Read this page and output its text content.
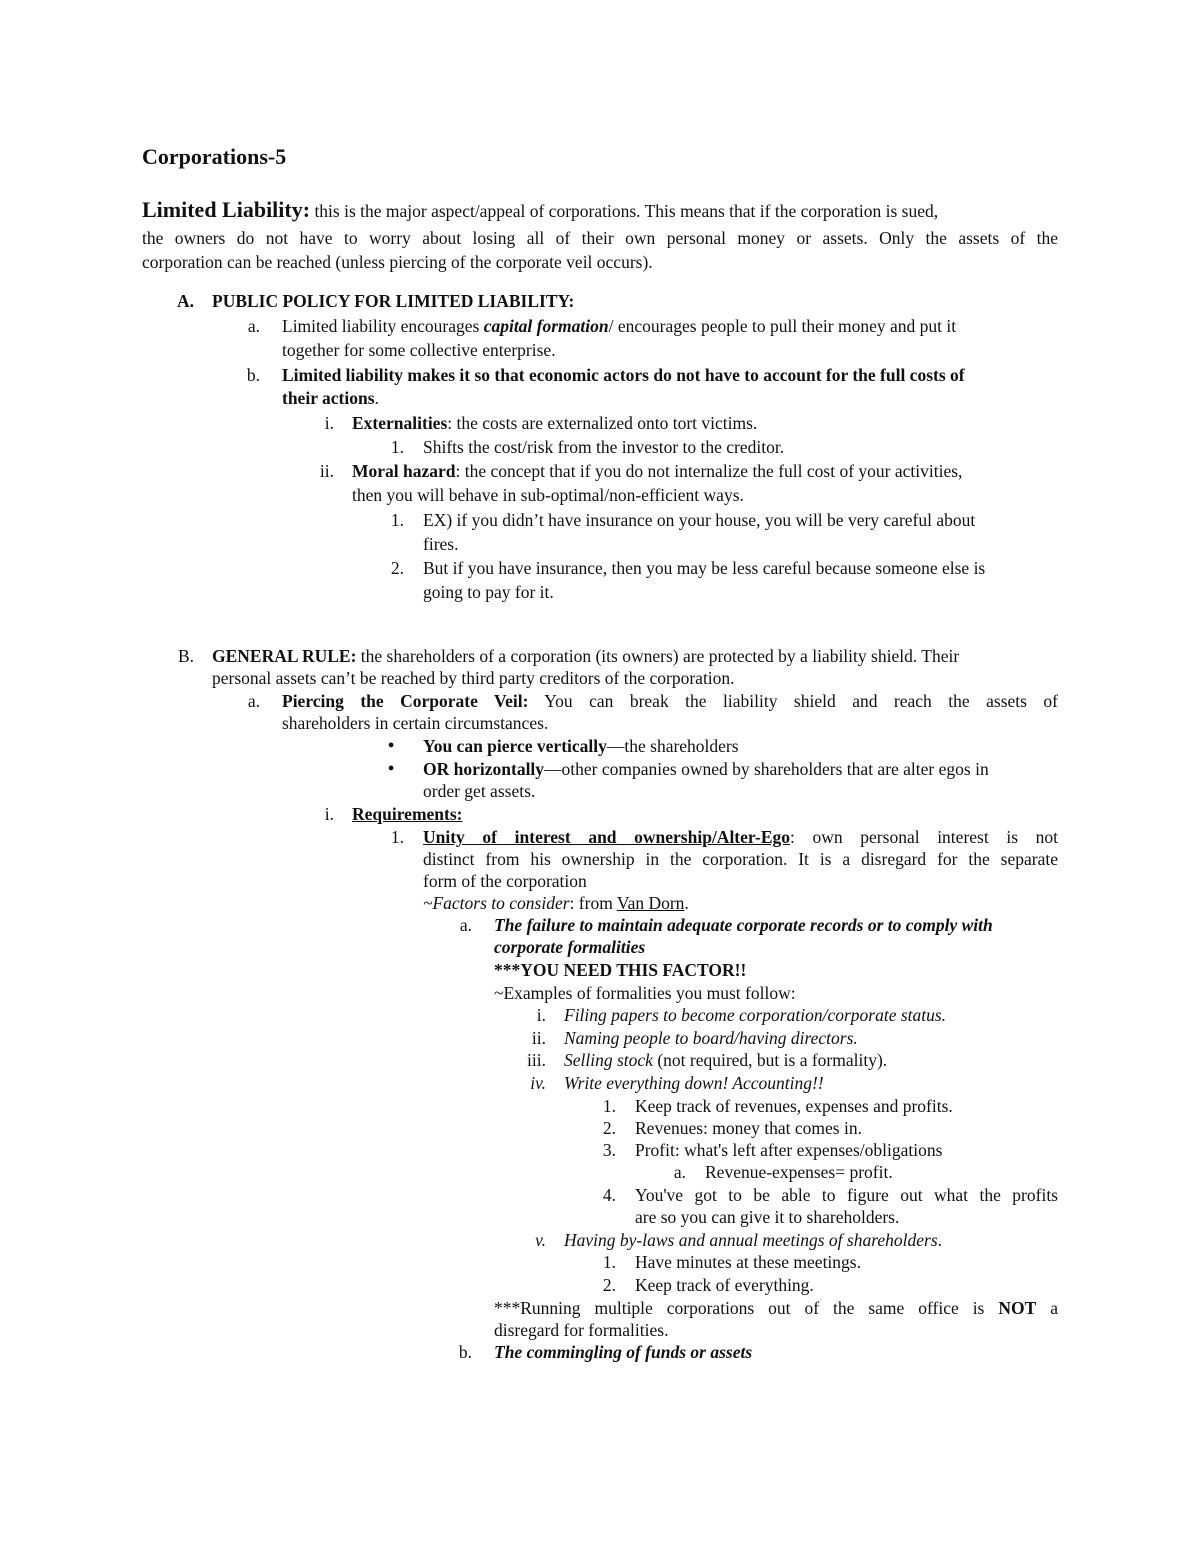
Corporations-5
Limited Liability: this is the major aspect/appeal of corporations. This means that if the corporation is sued,
the owners do not have to worry about losing all of their own personal money or assets. Only the assets of the
corporation can be reached (unless piercing of the corporate veil occurs).
A. PUBLIC POLICY FOR LIMITED LIABILITY:
a. Limited liability encourages capital formation/ encourages people to pull their money and put it
together for some collective enterprise.
b. Limited liability makes it so that economic actors do not have to account for the full costs of
their actions.
i. Externalities: the costs are externalized onto tort victims.
1. Shifts the cost/risk from the investor to the creditor.
ii. Moral hazard: the concept that if you do not internalize the full cost of your activities,
then you will behave in sub-optimal/non-efficient ways.
1. EX) if you didn’t have insurance on your house, you will be very careful about
fires.
2. But if you have insurance, then you may be less careful because someone else is
going to pay for it.
B. GENERAL RULE: the shareholders of a corporation (its owners) are protected by a liability shield. Their
personal assets can’t be reached by third party creditors of the corporation.
a. Piercing the Corporate Veil: You can break the liability shield and reach the assets of
shareholders in certain circumstances.
• You can pierce vertically—the shareholders
• OR horizontally—other companies owned by shareholders that are alter egos in
order get assets.
i. Requirements:
1. Unity of interest and ownership/Alter-Ego: own personal interest is not
distinct from his ownership in the corporation. It is a disregard for the separate
form of the corporation
~Factors to consider: from Van Dorn.
a. The failure to maintain adequate corporate records or to comply with
corporate formalities
***YOU NEED THIS FACTOR!!
~Examples of formalities you must follow:
i. Filing papers to become corporation/corporate status.
ii. Naming people to board/having directors.
iii. Selling stock (not required, but is a formality).
iv. Write everything down! Accounting!!
1. Keep track of revenues, expenses and profits.
2. Revenues: money that comes in.
3. Profit: what's left after expenses/obligations
a. Revenue-expenses= profit.
4. You've got to be able to figure out what the profits
are so you can give it to shareholders.
v. Having by-laws and annual meetings of shareholders.
1. Have minutes at these meetings.
2. Keep track of everything.
***Running multiple corporations out of the same office is NOT a
disregard for formalities.
b. The commingling of funds or assets
